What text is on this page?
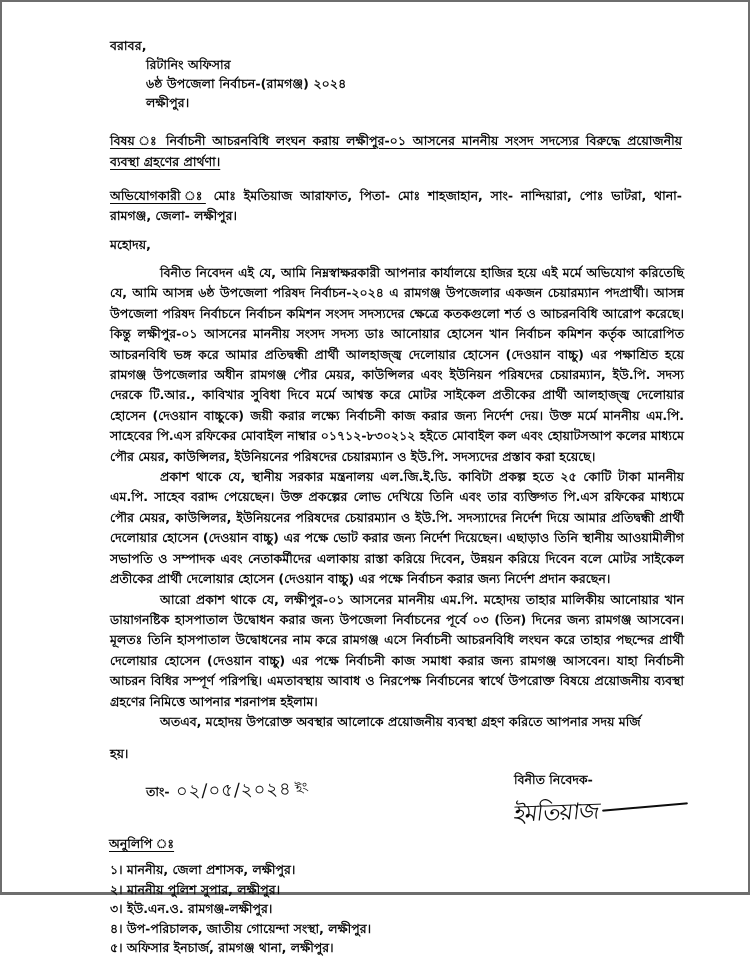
বরাবর,
রিটানিং অফিসার
৬ষ্ঠ উপজেলা নির্বাচন-(রামগঞ্জ) ২০২৪
লক্ষীপুর।
বিষয় ঃ নির্বাচনী আচরনবিধি লংঘন করায় লক্ষীপুর-০১ আসনের মাননীয় সংসদ সদস্যের বিরুদ্ধে প্রয়োজনীয় ব্যবস্থা গ্রহণের প্রার্থণা।
অভিযোগকারী ঃ মোঃ ইমতিয়াজ আরাফাত, পিতা- মোঃ শাহজাহান, সাং- নান্দিয়ারা, পোঃ ভাটরা, থানা- রামগঞ্জ, জেলা- লক্ষীপুর।
মহোদয়,

বিনীত নিবেদন এই যে, আমি নিম্নস্বাক্ষরকারী আপনার কার্যালয়ে হাজির হয়ে এই মর্মে অভিযোগ করিতেছি যে, আমি আসন্ন ৬ষ্ঠ উপজেলা পরিষদ নির্বাচন-২০২৪ এ রামগঞ্জ উপজেলার একজন চেয়ারম্যান পদপ্রার্থী। আসন্ন উপজেলা পরিষদ নির্বাচনে নির্বাচন কমিশন সংসদ সদস্যদের ক্ষেত্রে কতকগুলো শর্ত ও আচরনবিধি আরোপ করেছে। কিন্তু লক্ষীপুর-০১ আসনের মাননীয় সংসদ সদস্য ডাঃ আনোয়ার হোসেন খান নির্বাচন কমিশন কর্তৃক আরোপিত আচরনবিধি ভঙ্গ করে আমার প্রতিদ্বন্ধী প্রার্থী আলহাজ্জ্ব দেলোয়ার হোসেন (দেওয়ান বাচ্চু) এর পক্ষাশ্রিত হয়ে রামগঞ্জ উপজেলার অধীন রামগঞ্জ পৌর মেয়র, কাউন্সিলর এবং ইউনিয়ন পরিষদের চেয়ারম্যান, ইউ.পি. সদস্য দেরকে টি.আর., কাবিখার সুবিধা দিবে মর্মে আশ্বস্ত করে মোটর সাইকেল প্রতীকের প্রার্থী আলহাজ্জ্ব দেলোয়ার হোসেন (দেওয়ান বাচ্চুকে) জয়ী করার লক্ষ্যে নির্বাচনী কাজ করার জন্য নির্দেশ দেয়। উক্ত মর্মে মাননীয় এম.পি. সাহেবের পি.এস রফিকের মোবাইল নাম্বার ০১৭১২-৮৩০২১২ হইতে মোবাইল কল এবং হোয়াটসআপ কলের মাধ্যমে পৌর মেয়র, কাউন্সিলর, ইউনিয়নের পরিষদের চেয়ারম্যান ও ইউ.পি. সদস্যদের প্রস্তাব করা হয়েছে।

প্রকাশ থাকে যে, স্থানীয় সরকার মন্ত্রনালয় এল.জি.ই.ডি. কাবিটা প্রকল্প হতে ২৫ কোটি টাকা মাননীয় এম.পি. সাহেব বরাদ্দ পেয়েছেন। উক্ত প্রকল্পের লোভ দেখিয়ে তিনি এবং তার ব্যক্তিগত পি.এস রফিকের মাধ্যমে পৌর মেয়র, কাউন্সিলর, ইউনিয়নের পরিষদের চেয়ারম্যান ও ইউ.পি. সদস্যাদের নির্দেশ দিয়ে আমার প্রতিদ্বন্ধী প্রার্থী দেলোয়ার হোসেন (দেওয়ান বাচ্চু) এর পক্ষে ভোট করার জন্য নির্দেশ দিয়েছেন। এছাড়াও তিনি স্থানীয় আওয়ামীলীগ সভাপতি ও সম্পাদক এবং নেতাকর্মীদের এলাকায় রাস্তা করিয়ে দিবেন, উন্নয়ন করিয়ে দিবেন বলে মোটর সাইকেল প্রতীকের প্রার্থী দেলোয়ার হোসেন (দেওয়ান বাচ্চু) এর পক্ষে নির্বাচন করার জন্য নির্দেশ প্রদান করছেন।

আরো প্রকাশ থাকে যে, লক্ষীপুর-০১ আসনের মাননীয় এম.পি. মহোদয় তাহার মালিকীয় আনোয়ার খান ডায়াগনষ্টিক হাসপাতাল উদ্বোধন করার জন্য উপজেলা নির্বাচনের পূর্বে ০৩ (তিন) দিনের জন্য রামগঞ্জ আসবেন। মূলতঃ তিনি হাসপাতাল উদ্বোধনের নাম করে রামগঞ্জ এসে নির্বাচনী আচরনবিধি লংঘন করে তাহার পছন্দের প্রার্থী দেলোয়ার হোসেন (দেওয়ান বাচ্চু) এর পক্ষে নির্বাচনী কাজ সমাধা করার জন্য রামগঞ্জ আসবেন। যাহা নির্বাচনী আচরন বিধির সম্পূর্ণ পরিপন্থি। এমতাবস্থায় আবাধ ও নিরপেক্ষ নির্বাচনের স্বার্থে উপরোক্ত বিষয়ে প্রয়োজনীয় ব্যবস্থা গ্রহণের নিমিত্তে আপনার শরনাপন্ন হইলাম।

অতএব, মহোদয় উপরোক্ত অবস্থার আলোকে প্রয়োজনীয় ব্যবস্থা গ্রহণ করিতে আপনার সদয় মর্জি

হয়।
তাং- ০২/০৫/২০২৪ ইং
বিনীত নিবেদক-
ইমতিয়াজ
অনুলিপি ঃ
১। মাননীয়, জেলা প্রশাসক, লক্ষীপুর।
২। মাননীয় পুলিশ সুপার, লক্ষীপুর।
৩। ইউ.এন.ও. রামগঞ্জ-লক্ষীপুর।
৪। উপ-পরিচালক, জাতীয় গোয়েন্দা সংস্থা, লক্ষীপুর।
৫। অফিসার ইনচার্জ, রামগঞ্জ থানা, লক্ষীপুর।
